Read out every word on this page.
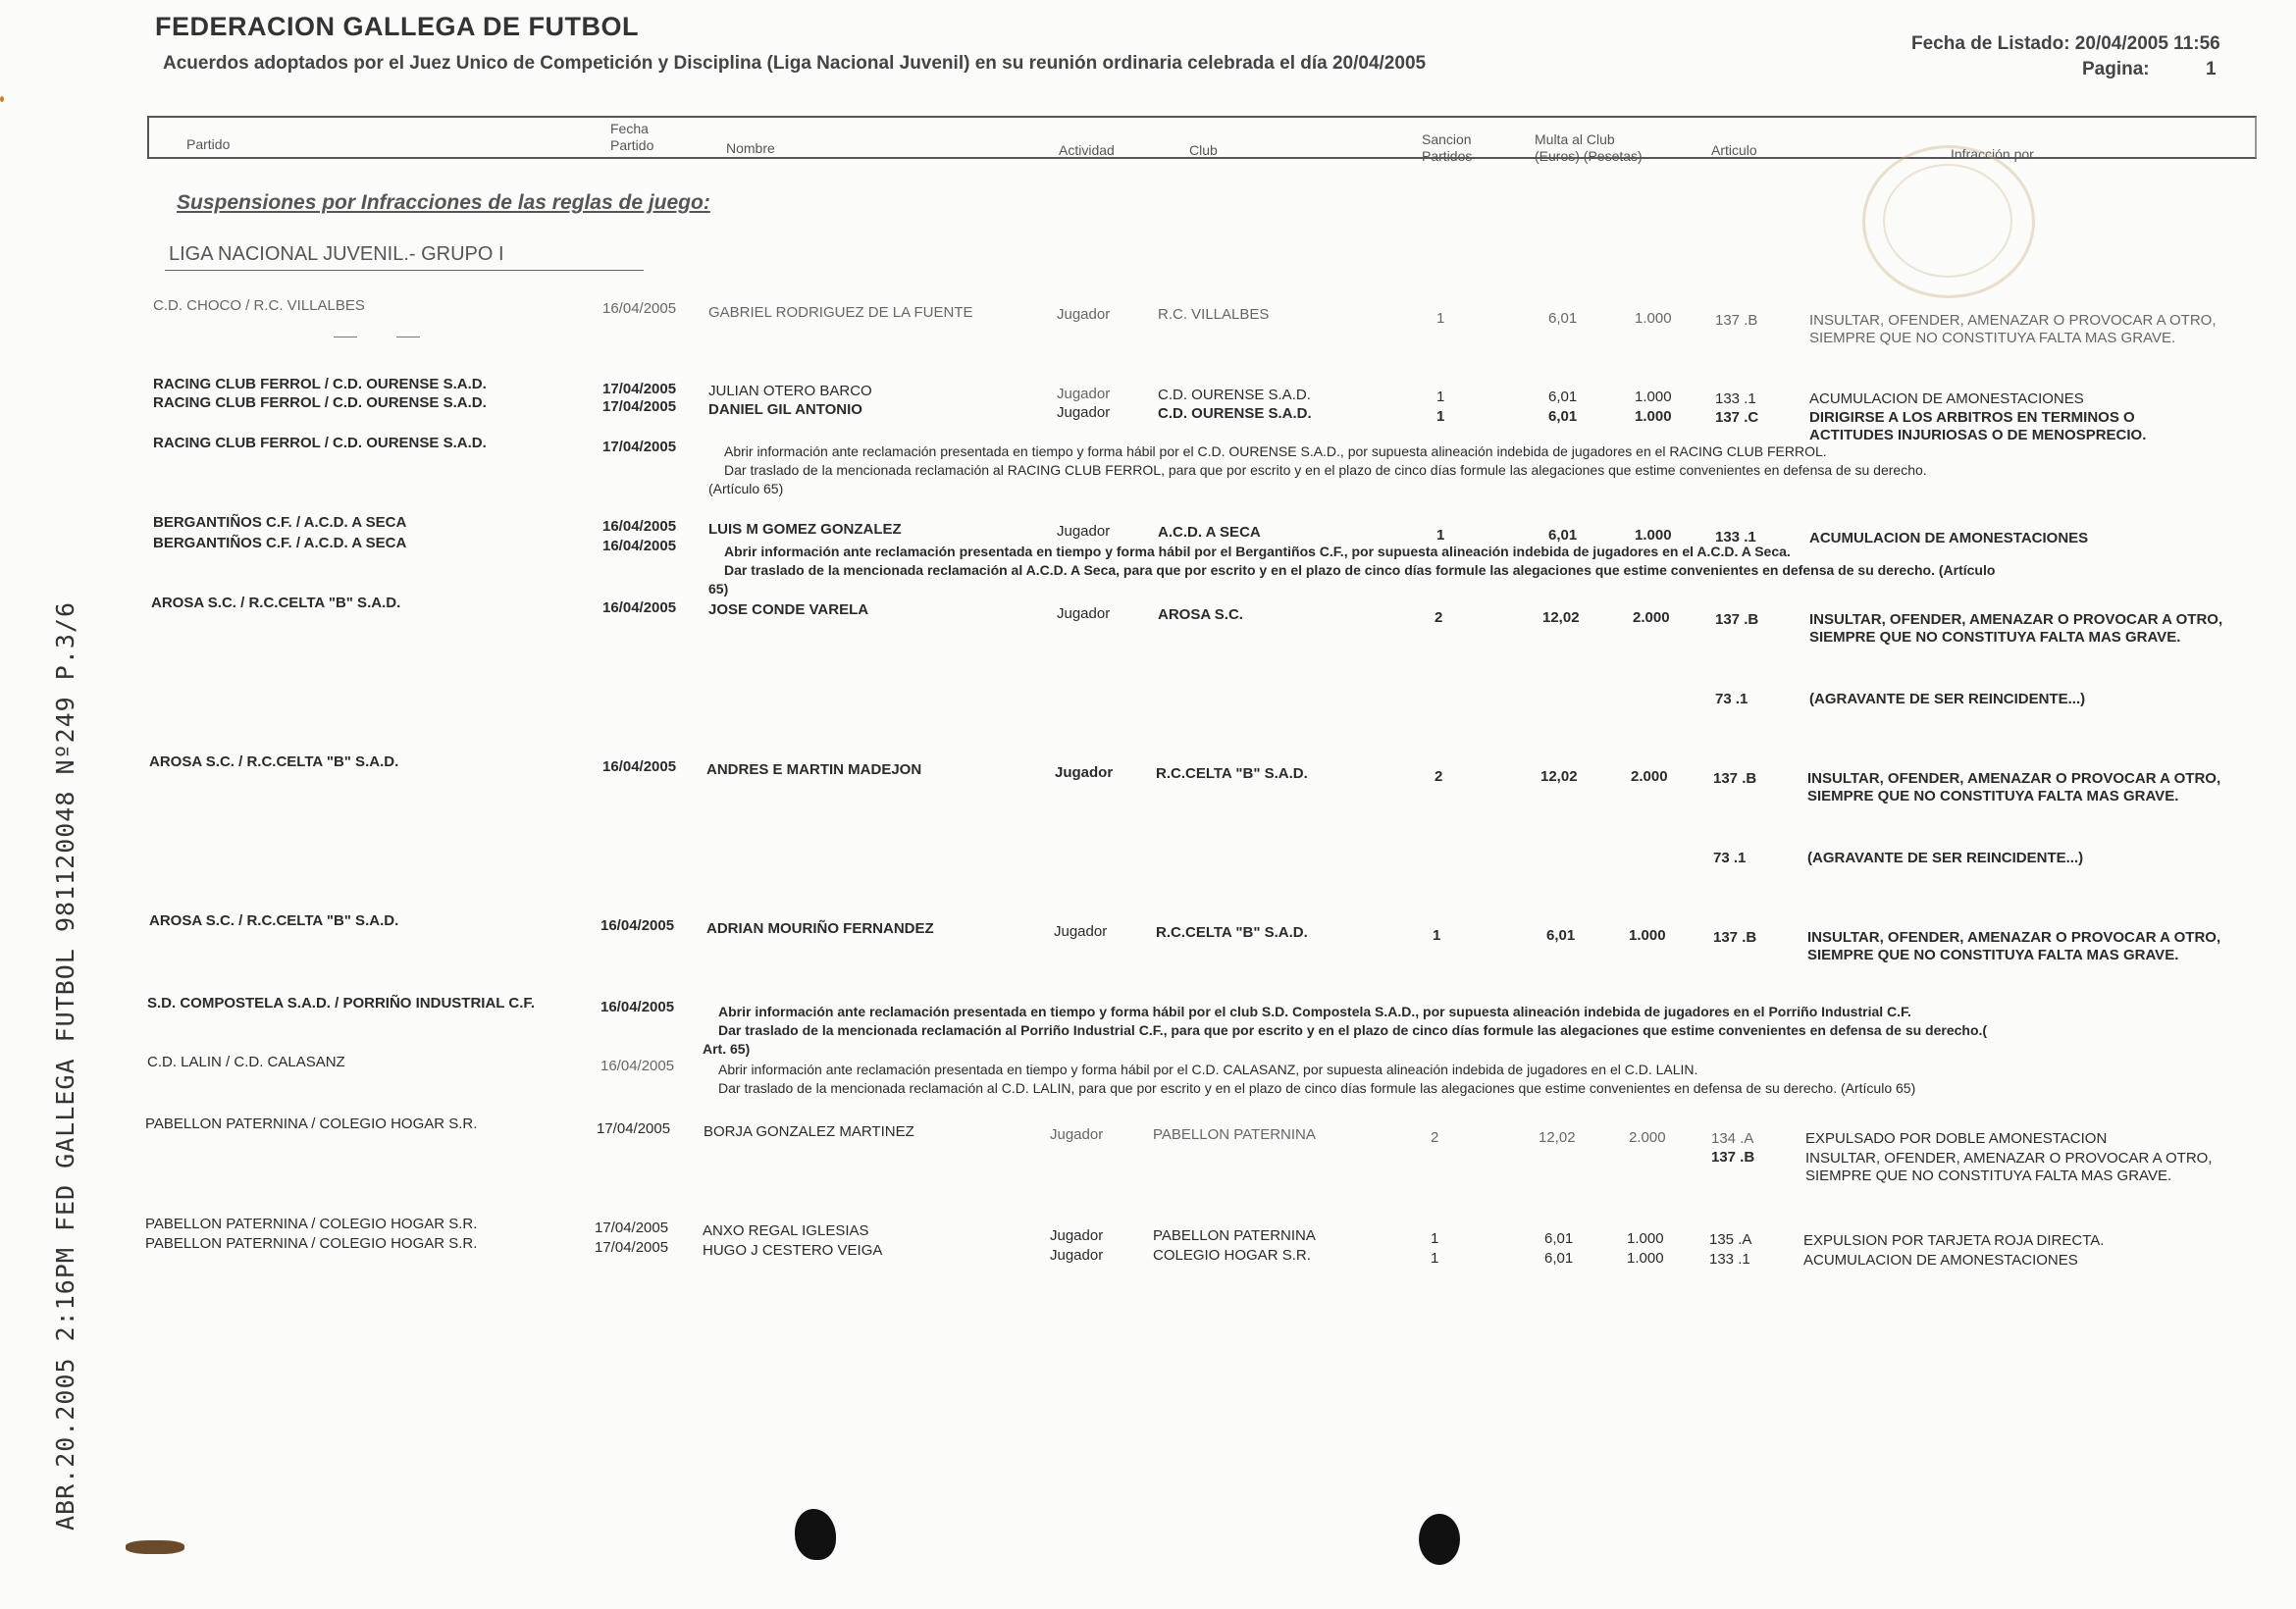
ABR.20.2005 2:16PM FED GALLEGA FUTBOL 981120048 Nº249 P.3/6
FEDERACION GALLEGA DE FUTBOL
Acuerdos adoptados por el Juez Unico de Competición y Disciplina (Liga Nacional Juvenil) en su reunión ordinaria celebrada el día 20/04/2005
Fecha de Listado: 20/04/2005 11:56
Pagina:	1
Partido
Fecha
Partido	Nombre	Actividad	Club
Sancion
Partidos
Multa al Club
(Euros) (Pesetas)	Articulo	Infracción por
Suspensiones por Infracciones de las reglas de juego:
LIGA NACIONAL JUVENIL.- GRUPO I
C.D. CHOCO / R.C. VILLALBES	16/04/2005 GABRIEL RODRIGUEZ DE LA FUENTE	Jugador	R.C. VILLALBES	1	6,01	1.000	137 .B	INSULTAR, OFENDER, AMENAZAR O PROVOCAR A OTRO, SIEMPRE QUE NO CONSTITUYA FALTA MAS GRAVE.
RACING CLUB FERROL / C.D. OURENSE S.A.D.	17/04/2005 JULIAN OTERO BARCO	Jugador	C.D. OURENSE S.A.D.	1	6,01	1.000	133 .1	ACUMULACION DE AMONESTACIONES
RACING CLUB FERROL / C.D. OURENSE S.A.D.	17/04/2005 DANIEL GIL ANTONIO	Jugador	C.D. OURENSE S.A.D.	1	6,01	1.000	137 .C	DIRIGIRSE A LOS ARBITROS EN TERMINOS O ACTITUDES INJURIOSAS O DE MENOSPRECIO.
RACING CLUB FERROL / C.D. OURENSE S.A.D.	17/04/2005	Abrir información ante reclamación presentada en tiempo y forma hábil por el C.D. OURENSE S.A.D., por supuesta alineación indebida de jugadores en el RACING CLUB FERROL.
Dar traslado de la mencionada reclamación al RACING CLUB FERROL, para que por escrito y en el plazo de cinco días formule las alegaciones que estime convenientes en defensa de su derecho.
(Artículo 65)
BERGANTIÑOS C.F. / A.C.D. A SECA	16/04/2005 LUIS M GOMEZ GONZALEZ	Jugador	A.C.D. A SECA	1	6,01	1.000	133 .1	ACUMULACION DE AMONESTACIONES
BERGANTIÑOS C.F. / A.C.D. A SECA	16/04/2005	Abrir información ante reclamación presentada en tiempo y forma hábil por el Bergantiños C.F., por supuesta alineación indebida de jugadores en el A.C.D. A Seca.
Dar traslado de la mencionada reclamación al A.C.D. A Seca, para que por escrito y en el plazo de cinco días formule las alegaciones que estime convenientes en defensa de su derecho. (Artículo
65)
AROSA S.C. / R.C.CELTA "B" S.A.D.	16/04/2005 JOSE CONDE VARELA	Jugador	AROSA S.C.	2	12,02	2.000	137 .B	INSULTAR, OFENDER, AMENAZAR O PROVOCAR A OTRO, SIEMPRE QUE NO CONSTITUYA FALTA MAS GRAVE.
73 .1	(AGRAVANTE DE SER REINCIDENTE...)
AROSA S.C. / R.C.CELTA "B" S.A.D.	16/04/2005 ANDRES E MARTIN MADEJON	Jugador	R.C.CELTA "B" S.A.D.	2	12,02	2.000	137 .B	INSULTAR, OFENDER, AMENAZAR O PROVOCAR A OTRO, SIEMPRE QUE NO CONSTITUYA FALTA MAS GRAVE.
73 .1	(AGRAVANTE DE SER REINCIDENTE...)
AROSA S.C. / R.C.CELTA "B" S.A.D.	16/04/2005 ADRIAN MOURIÑO FERNANDEZ	Jugador	R.C.CELTA "B" S.A.D.	1	6,01	1.000	137 .B	INSULTAR, OFENDER, AMENAZAR O PROVOCAR A OTRO, SIEMPRE QUE NO CONSTITUYA FALTA MAS GRAVE.
S.D. COMPOSTELA S.A.D. / PORRIÑO INDUSTRIAL C.F.	16/04/2005	Abrir información ante reclamación presentada en tiempo y forma hábil por el club S.D. Compostela S.A.D., por supuesta alineación indebida de jugadores en el Porriño Industrial C.F.
Dar traslado de la mencionada reclamación al Porriño Industrial C.F., para que por escrito y en el plazo de cinco días formule las alegaciones que estime convenientes en defensa de su derecho.(
Art. 65)
C.D. LALIN / C.D. CALASANZ	16/04/2005	Abrir información ante reclamación presentada en tiempo y forma hábil por el C.D. CALASANZ, por supuesta alineación indebida de jugadores en el C.D. LALIN.
Dar traslado de la mencionada reclamación al C.D. LALIN, para que por escrito y en el plazo de cinco días formule las alegaciones que estime convenientes en defensa de su derecho. (Artículo 65)
PABELLON PATERNINA / COLEGIO HOGAR S.R.	17/04/2005 BORJA GONZALEZ MARTINEZ	Jugador	PABELLON PATERNINA	2	12,02	2.000	134 .A	EXPULSADO POR DOBLE AMONESTACION
137 .B	INSULTAR, OFENDER, AMENAZAR O PROVOCAR A OTRO, SIEMPRE QUE NO CONSTITUYA FALTA MAS GRAVE.
PABELLON PATERNINA / COLEGIO HOGAR S.R.	17/04/2005 ANXO REGAL IGLESIAS	Jugador	PABELLON PATERNINA	1	6,01	1.000	135 .A	EXPULSION POR TARJETA ROJA DIRECTA.
PABELLON PATERNINA / COLEGIO HOGAR S.R.	17/04/2005 HUGO J CESTERO VEIGA	Jugador	COLEGIO HOGAR S.R.	1	6,01	1.000	133 .1	ACUMULACION DE AMONESTACIONES
